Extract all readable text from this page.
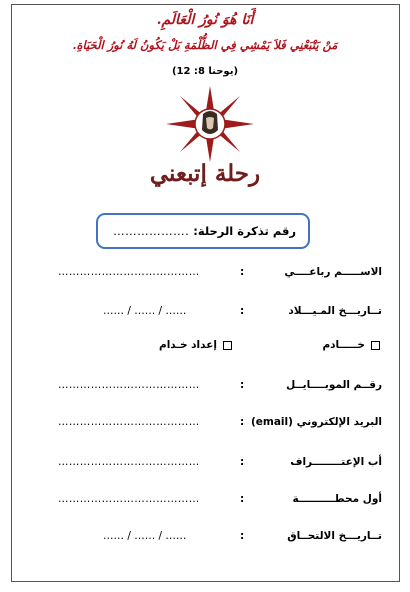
أَنَا هُوَ نُورُ الْعَالَمِ.
مَنْ يَتْبَعْنِي فَلاَ يَمْشِي فِي الظُّلْمَةِ بَلْ يَكُونُ لَهُ نُورُ الْحَيَاةِ.
(يوحنا 8: 12)
رحلة إتبعني
رقم تذكرة الرحلة:
……………….
الاســـــم رباعــــي
:
…………………………………
تــاريـــخ المـيـــلاد
:
…… / …… / ……
خـــــادم
إعداد خـدام
رقــم الموبــــايــل
:
…………………………………
البريد الإلكتروني (email)
:
…………………………………
أب الإعتــــــــراف
:
…………………………………
أول محطــــــــــة
:
…………………………………
تــاريـــخ الالتحــاق
:
…… / …… / ……
